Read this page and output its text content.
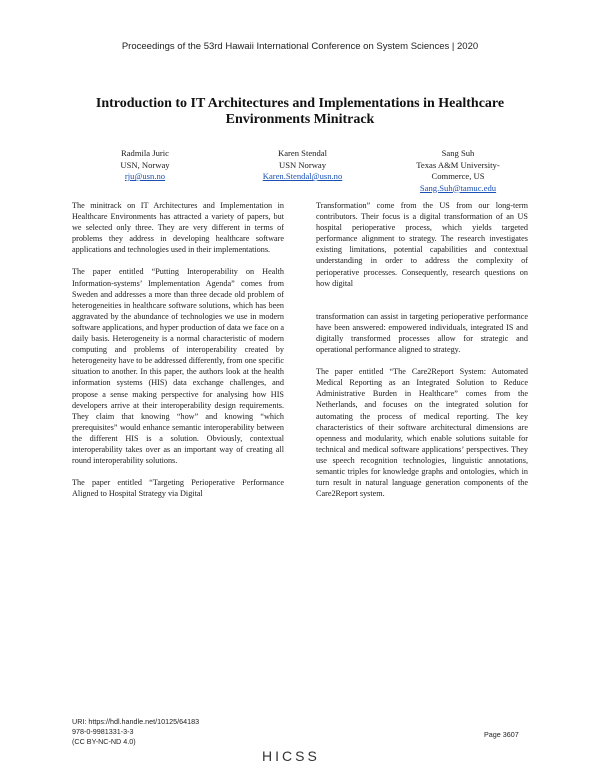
Proceedings of the 53rd Hawaii International Conference on System Sciences | 2020
Introduction to IT Architectures and Implementations in Healthcare Environments Minitrack
Radmila Juric
USN, Norway
rju@usn.no
Karen Stendal
USN Norway
Karen.Stendal@usn.no
Sang Suh
Texas A&M University-
Commerce, US
Sang.Suh@tamuc.edu

The minitrack on IT Architectures and Implementation in Healthcare Environments has attracted a variety of papers, but we selected only three. They are very different in terms of problems they address in developing healthcare software applications and technologies used in their implementations.

The paper entitled “Putting Interoperability on Health Information-systems’ Implementation Agenda” comes from Sweden and addresses a more than three decade old problem of heterogeneities in healthcare software solutions, which has been aggravated by the abundance of technologies we use in modern software applications, and hyper production of data we face on a daily basis. Heterogeneity is a normal characteristic of modern computing and problems of interoperability created by heterogeneity have to be addressed differently, from one specific situation to another. In this paper, the authors look at the health information systems (HIS) data exchange challenges, and propose a sense making perspective for analysing how HIS developers arrive at their interoperability design requirements. They claim that knowing “how” and knowing “which prerequisites” would enhance semantic interoperability between the different HIS is a solution. Obviously, contextual interoperability takes over as an important way of creating all round interoperability solutions.

The paper entitled “Targeting Perioperative Performance Aligned to Hospital Strategy via Digital

Transformation” come from the US from our long-term contributors. Their focus is a digital transformation of an US hospital perioperative process, which yields targeted performance alignment to strategy. The research investigates existing limitations, potential capabilities and contextual understanding in order to address the complexity of perioperative processes. Consequently, research questions on how digital

transformation can assist in targeting perioperative performance have been answered: empowered individuals, integrated IS and digitally transformed processes allow for strategic and operational performance aligned to strategy.

The paper entitled “The Care2Report System: Automated Medical Reporting as an Integrated Solution to Reduce Administrative Burden in Healthcare” comes from the Netherlands, and focuses on the integrated solution for automating the process of medical reporting. The key characteristics of their software architectural dimensions are openness and modularity, which enable solutions suitable for technical and medical software applications’ perspectives. They use speech recognition technologies, linguistic annotations, semantic triples for knowledge graphs and ontologies, which in turn result in natural language generation components of the Care2Report system.

URI: https://hdl.handle.net/10125/64183
978-0-9981331-3-3
(CC BY-NC-ND 4.0)
HICSS
Page 3607
